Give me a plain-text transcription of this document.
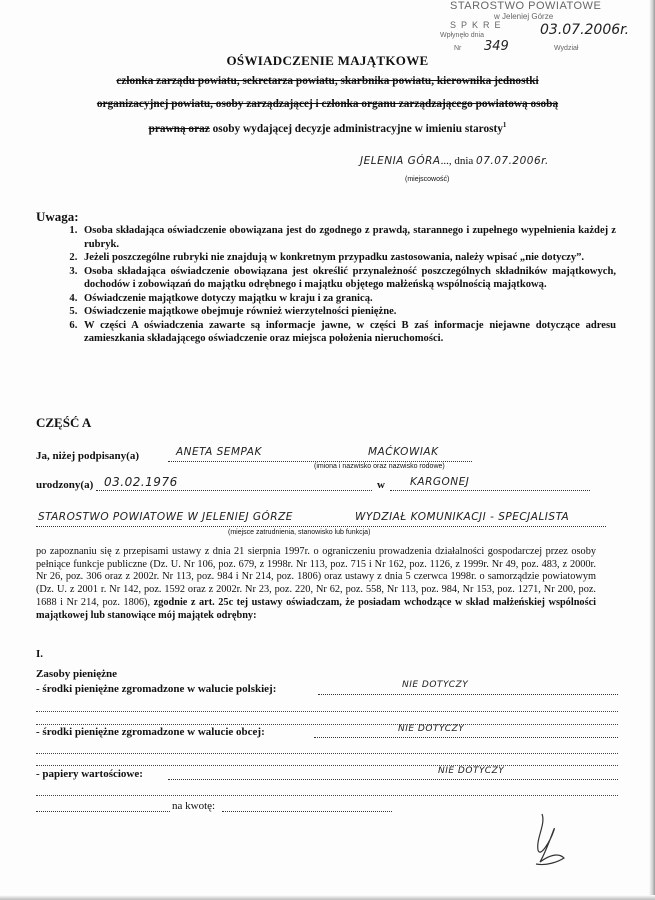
STAROSTWO POWIATOWE
w Jeleniej Górze
SPKRE
Wpłynęło dnia	03.07.2006r.
Nr 349	Wydział
OŚWIADCZENIE MAJĄTKOWE
członka zarządu powiatu, sekretarza powiatu, skarbnika powiatu, kierownika jednostki
organizacyjnej powiatu, osoby zarządzającej i członka organu zarządzającego powiatową osobą
prawną oraz osoby wydającej decyzje administracyjne w imieniu starosty$^1$
JELENIA GÓRA..., dnia 07.07.2006r.
(miejscowość)
Uwaga:
1. Osoba składająca oświadczenie obowiązana jest do zgodnego z prawdą, starannego i zupełnego wypełnienia każdej z rubryk.
2. Jeżeli poszczególne rubryki nie znajdują w konkretnym przypadku zastosowania, należy wpisać „nie dotyczy”.
3. Osoba składająca oświadczenie obowiązana jest określić przynależność poszczególnych składników majątkowych, dochodów i zobowiązań do majątku odrębnego i majątku objętego małżeńską wspólnością majątkową.
4. Oświadczenie majątkowe dotyczy majątku w kraju i za granicą.
5. Oświadczenie majątkowe obejmuje również wierzytelności pieniężne.
6. W części A oświadczenia zawarte są informacje jawne, w części B zaś informacje niejawne dotyczące adresu zamieszkania składającego oświadczenie oraz miejsca położenia nieruchomości.
CZĘŚĆ A
Ja, niżej podpisany(a)	ANETA SEMPAK	MAĆKOWIAK
(imiona i nazwisko oraz nazwisko rodowe)
urodzony(a) 03.02.1976	w KARGONEJ
STAROSTWO POWIATOWE W JELENIEJ GÓRZE	WYDZIAŁ KOMUNIKACJI - SPECJALISTA
(miejsce zatrudnienia, stanowisko lub funkcja)
po zapoznaniu się z przepisami ustawy z dnia 21 sierpnia 1997r. o ograniczeniu prowadzenia działalności gospodarczej przez osoby pełniące funkcje publiczne (Dz. U. Nr 106, poz. 679, z 1998r. Nr 113, poz. 715 i Nr 162, poz. 1126, z 1999r. Nr 49, poz. 483, z 2000r. Nr 26, poz. 306 oraz z 2002r. Nr 113, poz. 984 i Nr 214, poz. 1806) oraz ustawy z dnia 5 czerwca 1998r. o samorządzie powiatowym (Dz. U. z 2001 r. Nr 142, poz. 1592 oraz z 2002r. Nr 23, poz. 220, Nr 62, poz. 558, Nr 113, poz. 984, Nr 153, poz. 1271, Nr 200, poz. 1688 i Nr 214, poz. 1806), zgodnie z art. 25c tej ustawy oświadczam, że posiadam wchodzące w skład małżeńskiej wspólności majątkowej lub stanowiące mój majątek odrębny:
I.
Zasoby pieniężne
- środki pieniężne zgromadzone w walucie polskiej:	NIE DOTYCZY
- środki pieniężne zgromadzone w walucie obcej:	NIE DOTYCZY
- papiery wartościowe:	NIE DOTYCZY
na kwotę:
